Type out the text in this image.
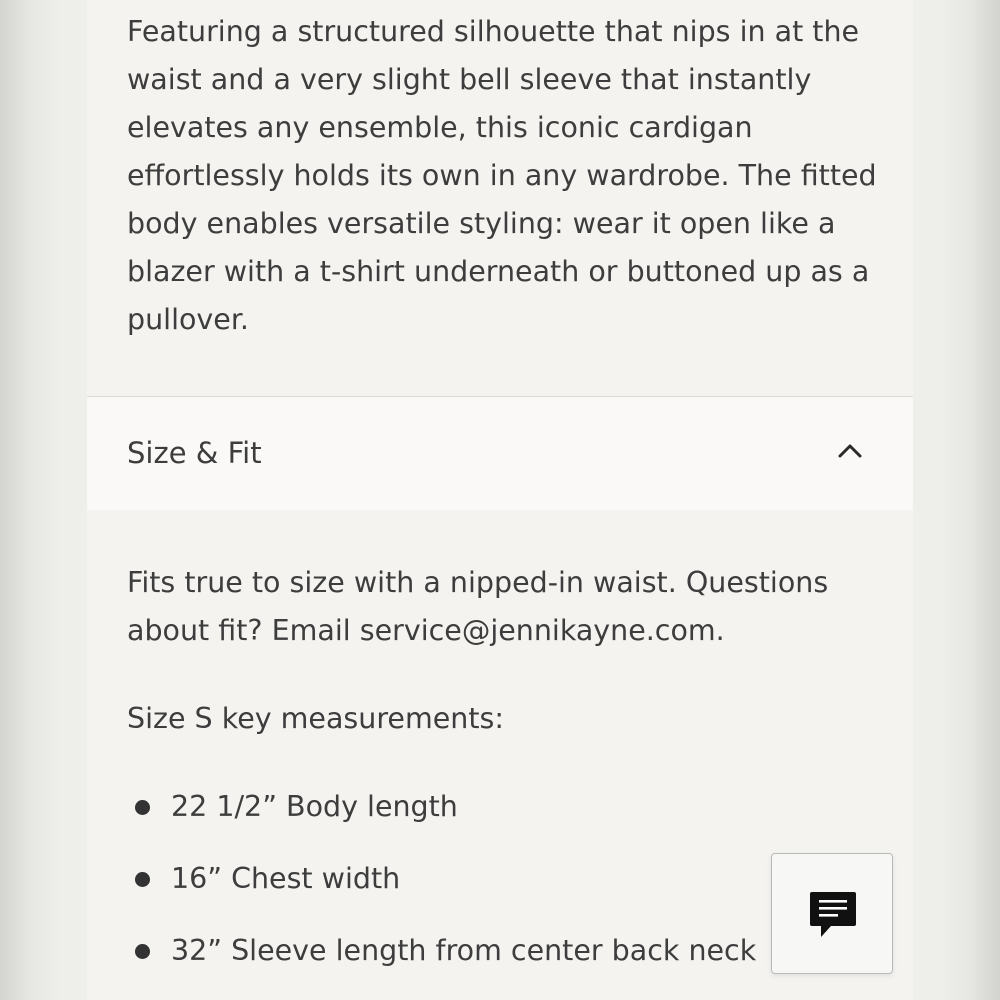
Featuring a structured silhouette that nips in at the waist and a very slight bell sleeve that instantly elevates any ensemble, this iconic cardigan effortlessly holds its own in any wardrobe. The fitted body enables versatile styling: wear it open like a blazer with a t-shirt underneath or buttoned up as a pullover.

Size & Fit

Fits true to size with a nipped-in waist. Questions about fit? Email service@jennikayne.com.

Size S key measurements:

22 1/2” Body length
16” Chest width
32” Sleeve length from center back neck
